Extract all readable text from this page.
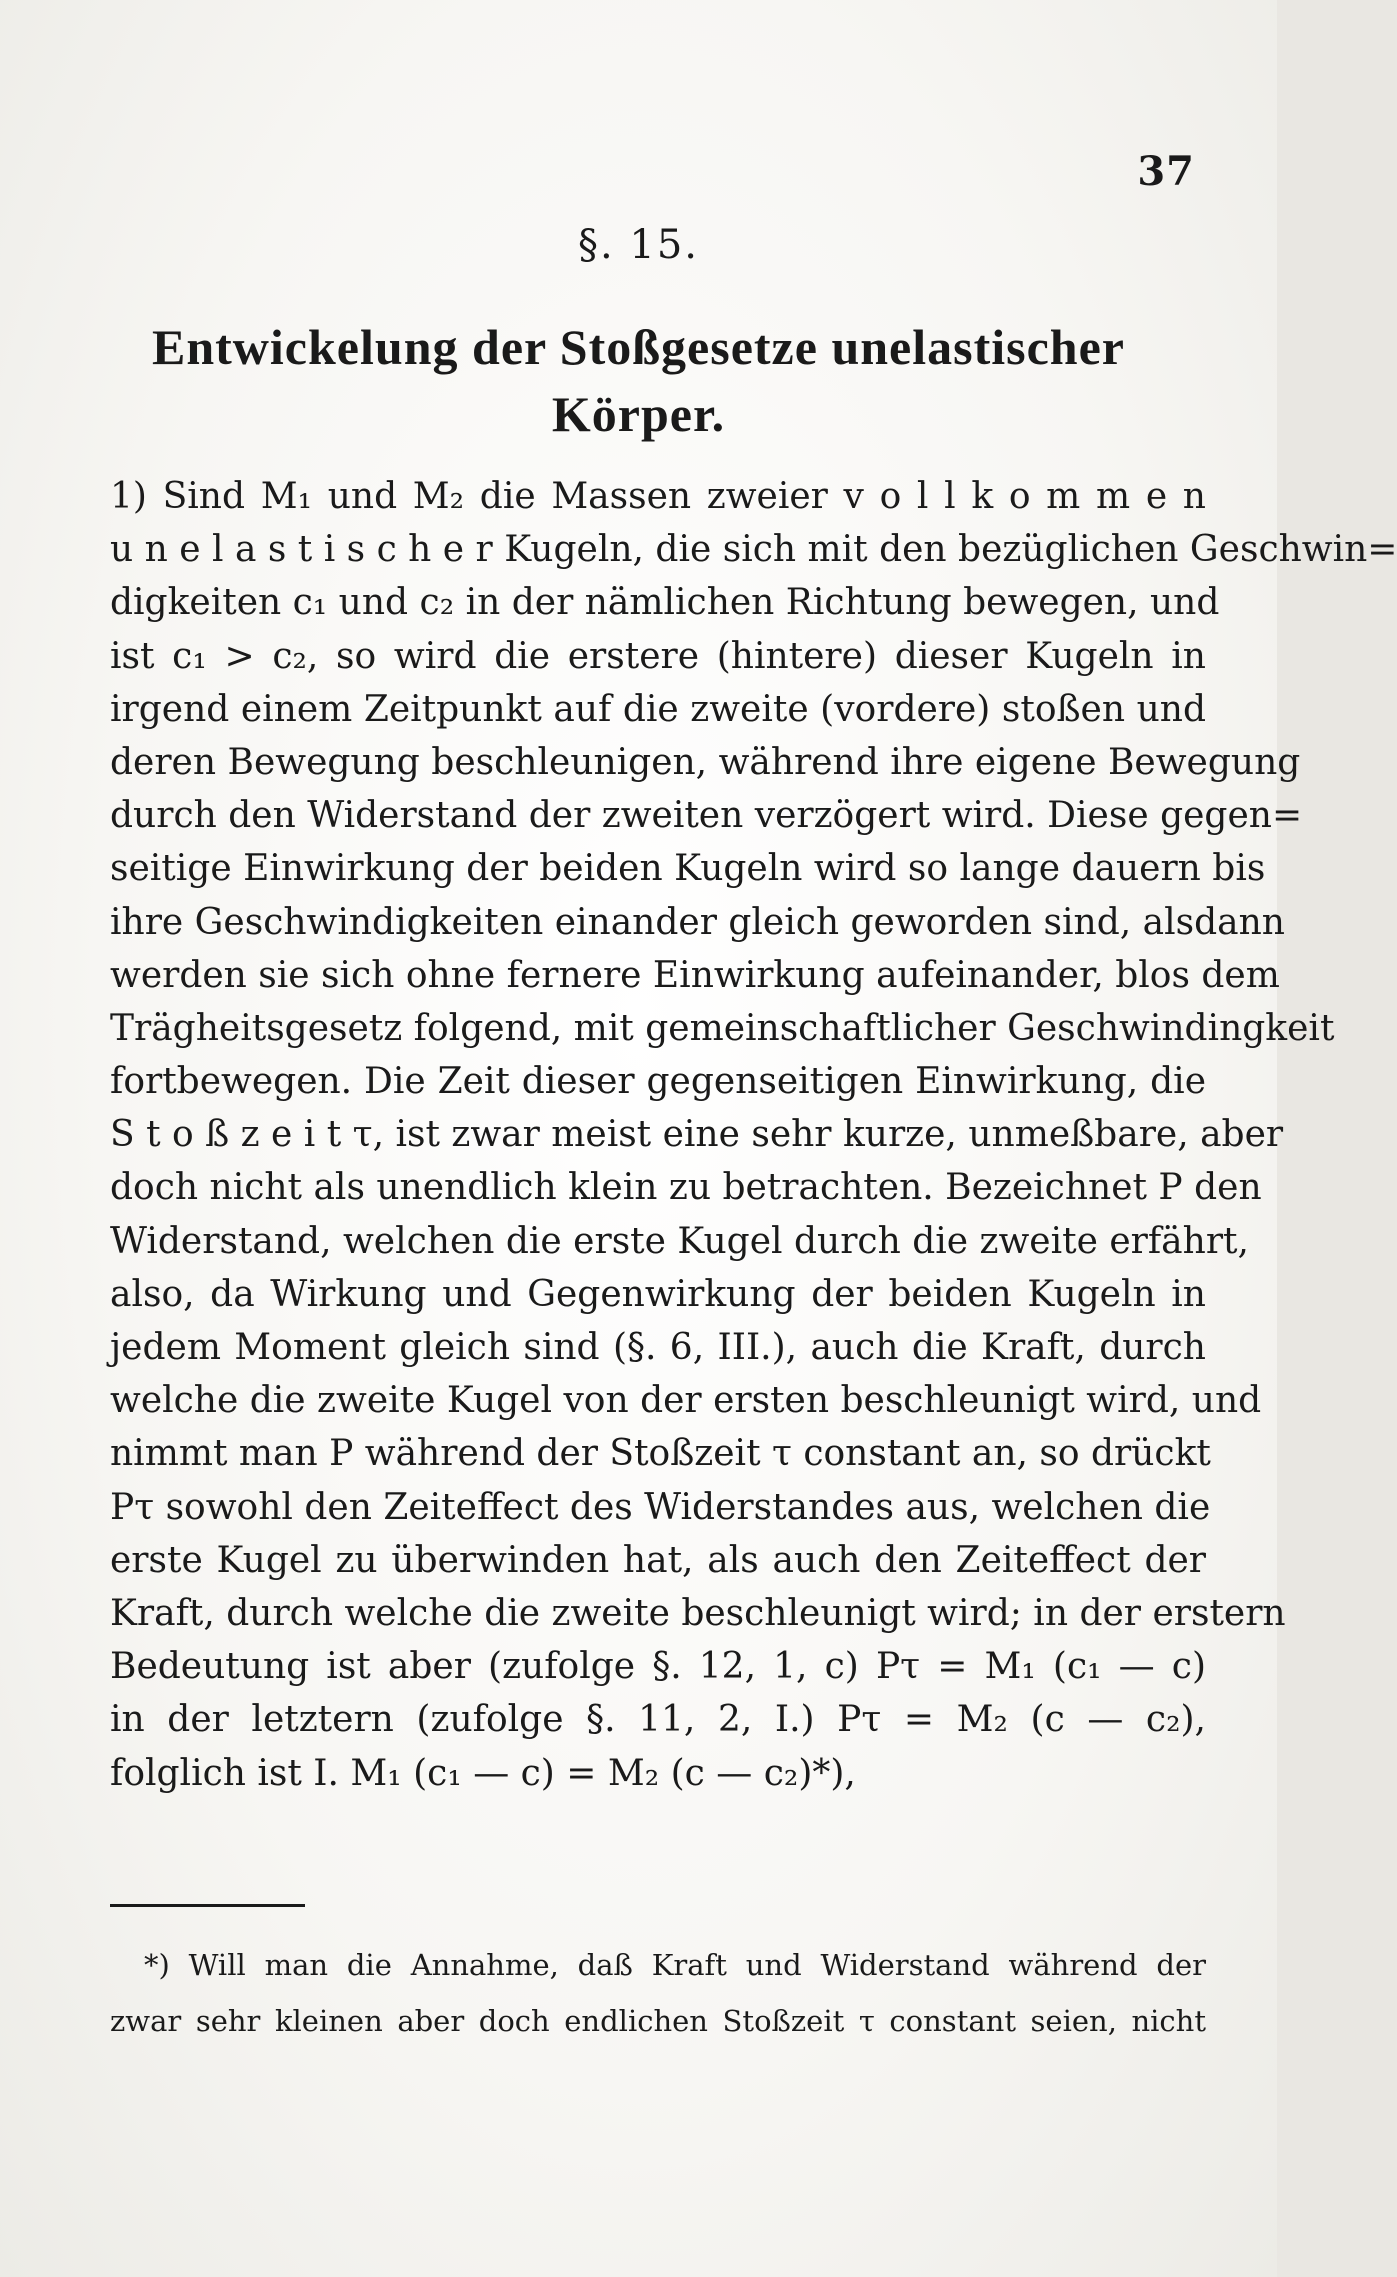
37
§. 15.
Entwickelung der Stoßgesetze unelastischer
Körper.
1) Sind M₁ und M₂ die Massen zweier v o l l k o m m e n
u n e l a s t i s c h e r Kugeln, die sich mit den bezüglichen Geschwin=
digkeiten c₁ und c₂ in der nämlichen Richtung bewegen, und
ist c₁ > c₂, so wird die erstere (hintere) dieser Kugeln in
irgend einem Zeitpunkt auf die zweite (vordere) stoßen und
deren Bewegung beschleunigen, während ihre eigene Bewegung
durch den Widerstand der zweiten verzögert wird. Diese gegen=
seitige Einwirkung der beiden Kugeln wird so lange dauern bis
ihre Geschwindigkeiten einander gleich geworden sind, alsdann
werden sie sich ohne fernere Einwirkung aufeinander, blos dem
Trägheitsgesetz folgend, mit gemeinschaftlicher Geschwindingkeit
fortbewegen. Die Zeit dieser gegenseitigen Einwirkung, die
S t o ß z e i t τ, ist zwar meist eine sehr kurze, unmeßbare, aber
doch nicht als unendlich klein zu betrachten. Bezeichnet P den
Widerstand, welchen die erste Kugel durch die zweite erfährt,
also, da Wirkung und Gegenwirkung der beiden Kugeln in
jedem Moment gleich sind (§. 6, III.), auch die Kraft, durch
welche die zweite Kugel von der ersten beschleunigt wird, und
nimmt man P während der Stoßzeit τ constant an, so drückt
Pτ sowohl den Zeiteffect des Widerstandes aus, welchen die
erste Kugel zu überwinden hat, als auch den Zeiteffect der
Kraft, durch welche die zweite beschleunigt wird; in der erstern
Bedeutung ist aber (zufolge §. 12, 1, c) Pτ = M₁ (c₁ — c)
in der letztern (zufolge §. 11, 2, I.) Pτ = M₂ (c — c₂),
folglich ist I. M₁ (c₁ — c) = M₂ (c — c₂)*),
*) Will man die Annahme, daß Kraft und Widerstand während der
zwar sehr kleinen aber doch endlichen Stoßzeit τ constant seien, nicht
